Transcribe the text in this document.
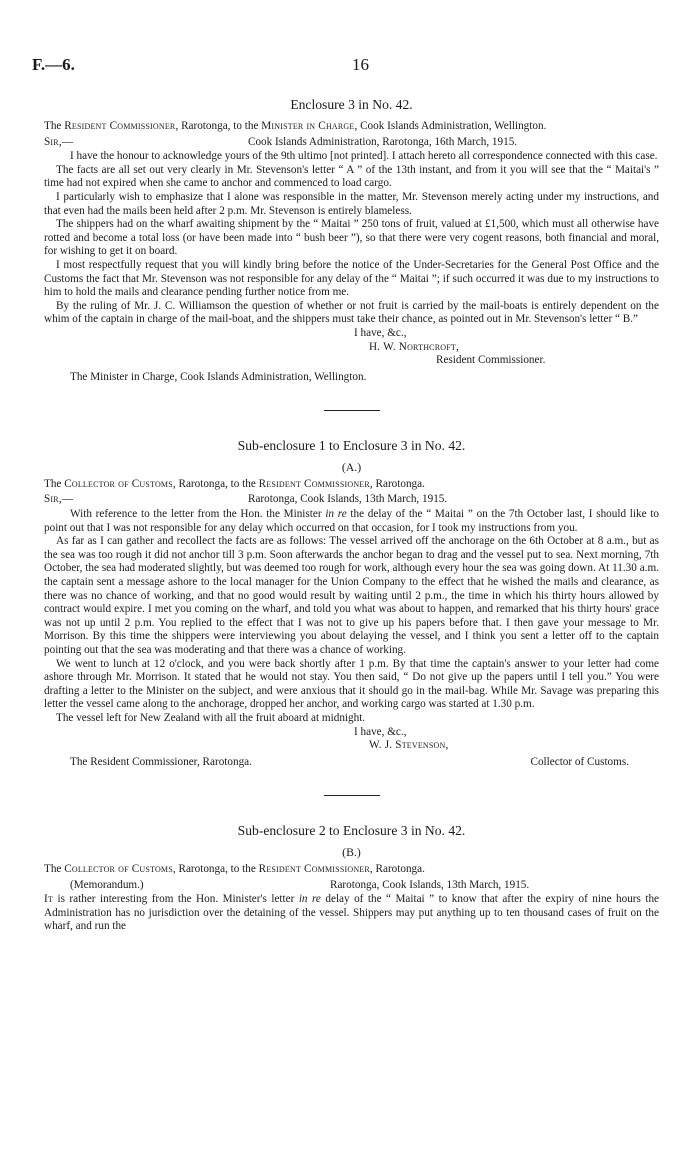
F.—6.	16
Enclosure 3 in No. 42.

The Resident Commissioner, Rarotonga, to the Minister in Charge, Cook Islands Administration, Wellington.

Sir,—	Cook Islands Administration, Rarotonga, 16th March, 1915.

I have the honour to acknowledge yours of the 9th ultimo [not printed]. I attach hereto all correspondence connected with this case.

The facts are all set out very clearly in Mr. Stevenson's letter “ A ” of the 13th instant, and from it you will see that the “ Maitai's ” time had not expired when she came to anchor and commenced to load cargo.

I particularly wish to emphasize that I alone was responsible in the matter, Mr. Stevenson merely acting under my instructions, and that even had the mails been held after 2 p.m. Mr. Stevenson is entirely blameless.

The shippers had on the wharf awaiting shipment by the “ Maitai ” 250 tons of fruit, valued at £1,500, which must all otherwise have rotted and become a total loss (or have been made into “ bush beer ”), so that there were very cogent reasons, both financial and moral, for wishing to get it on board.

I most respectfully request that you will kindly bring before the notice of the Under-Secretaries for the General Post Office and the Customs the fact that Mr. Stevenson was not responsible for any delay of the “ Maitai ”; if such occurred it was due to my instructions to him to hold the mails and clearance pending further notice from me.

By the ruling of Mr. J. C. Williamson the question of whether or not fruit is carried by the mail-boats is entirely dependent on the whim of the captain in charge of the mail-boat, and the shippers must take their chance, as pointed out in Mr. Stevenson's letter “ B.”

I have, &c.,

H. W. Northcroft,

Resident Commissioner.

The Minister in Charge, Cook Islands Administration, Wellington.

Sub-enclosure 1 to Enclosure 3 in No. 42.
(A.)

The Collector of Customs, Rarotonga, to the Resident Commissioner, Rarotonga.

Sir,—	Rarotonga, Cook Islands, 13th March, 1915.

With reference to the letter from the Hon. the Minister in re the delay of the “ Maitai ” on the 7th October last, I should like to point out that I was not responsible for any delay which occurred on that occasion, for I took my instructions from you.

As far as I can gather and recollect the facts are as follows: The vessel arrived off the anchorage on the 6th October at 8 a.m., but as the sea was too rough it did not anchor till 3 p.m. Soon afterwards the anchor began to drag and the vessel put to sea. Next morning, 7th October, the sea had moderated slightly, but was deemed too rough for work, although every hour the sea was going down. At 11.30 a.m. the captain sent a message ashore to the local manager for the Union Company to the effect that he wished the mails and clearance, as there was no chance of working, and that no good would result by waiting until 2 p.m., the time in which his thirty hours allowed by contract would expire. I met you coming on the wharf, and told you what was about to happen, and remarked that his thirty hours' grace was not up until 2 p.m. You replied to the effect that I was not to give up his papers before that. I then gave your message to Mr. Morrison. By this time the shippers were interviewing you about delaying the vessel, and I think you sent a letter off to the captain pointing out that the sea was moderating and that there was a chance of working.

We went to lunch at 12 o'clock, and you were back shortly after 1 p.m. By that time the captain's answer to your letter had come ashore through Mr. Morrison. It stated that he would not stay. You then said, “ Do not give up the papers until I tell you.” You were drafting a letter to the Minister on the subject, and were anxious that it should go in the mail-bag. While Mr. Savage was preparing this letter the vessel came along to the anchorage, dropped her anchor, and working cargo was started at 1.30 p.m.

The vessel left for New Zealand with all the fruit aboard at midnight.

I have, &c.,

W. J. Stevenson,

The Resident Commissioner, Rarotonga.	Collector of Customs.
Sub-enclosure 2 to Enclosure 3 in No. 42.
(B.)

The Collector of Customs, Rarotonga, to the Resident Commissioner, Rarotonga.

(Memorandum.)	Rarotonga, Cook Islands, 13th March, 1915.

It is rather interesting from the Hon. Minister's letter in re delay of the “ Maitai ” to know that after the expiry of nine hours the Administration has no jurisdiction over the detaining of the vessel. Shippers may put anything up to ten thousand cases of fruit on the wharf, and run the
